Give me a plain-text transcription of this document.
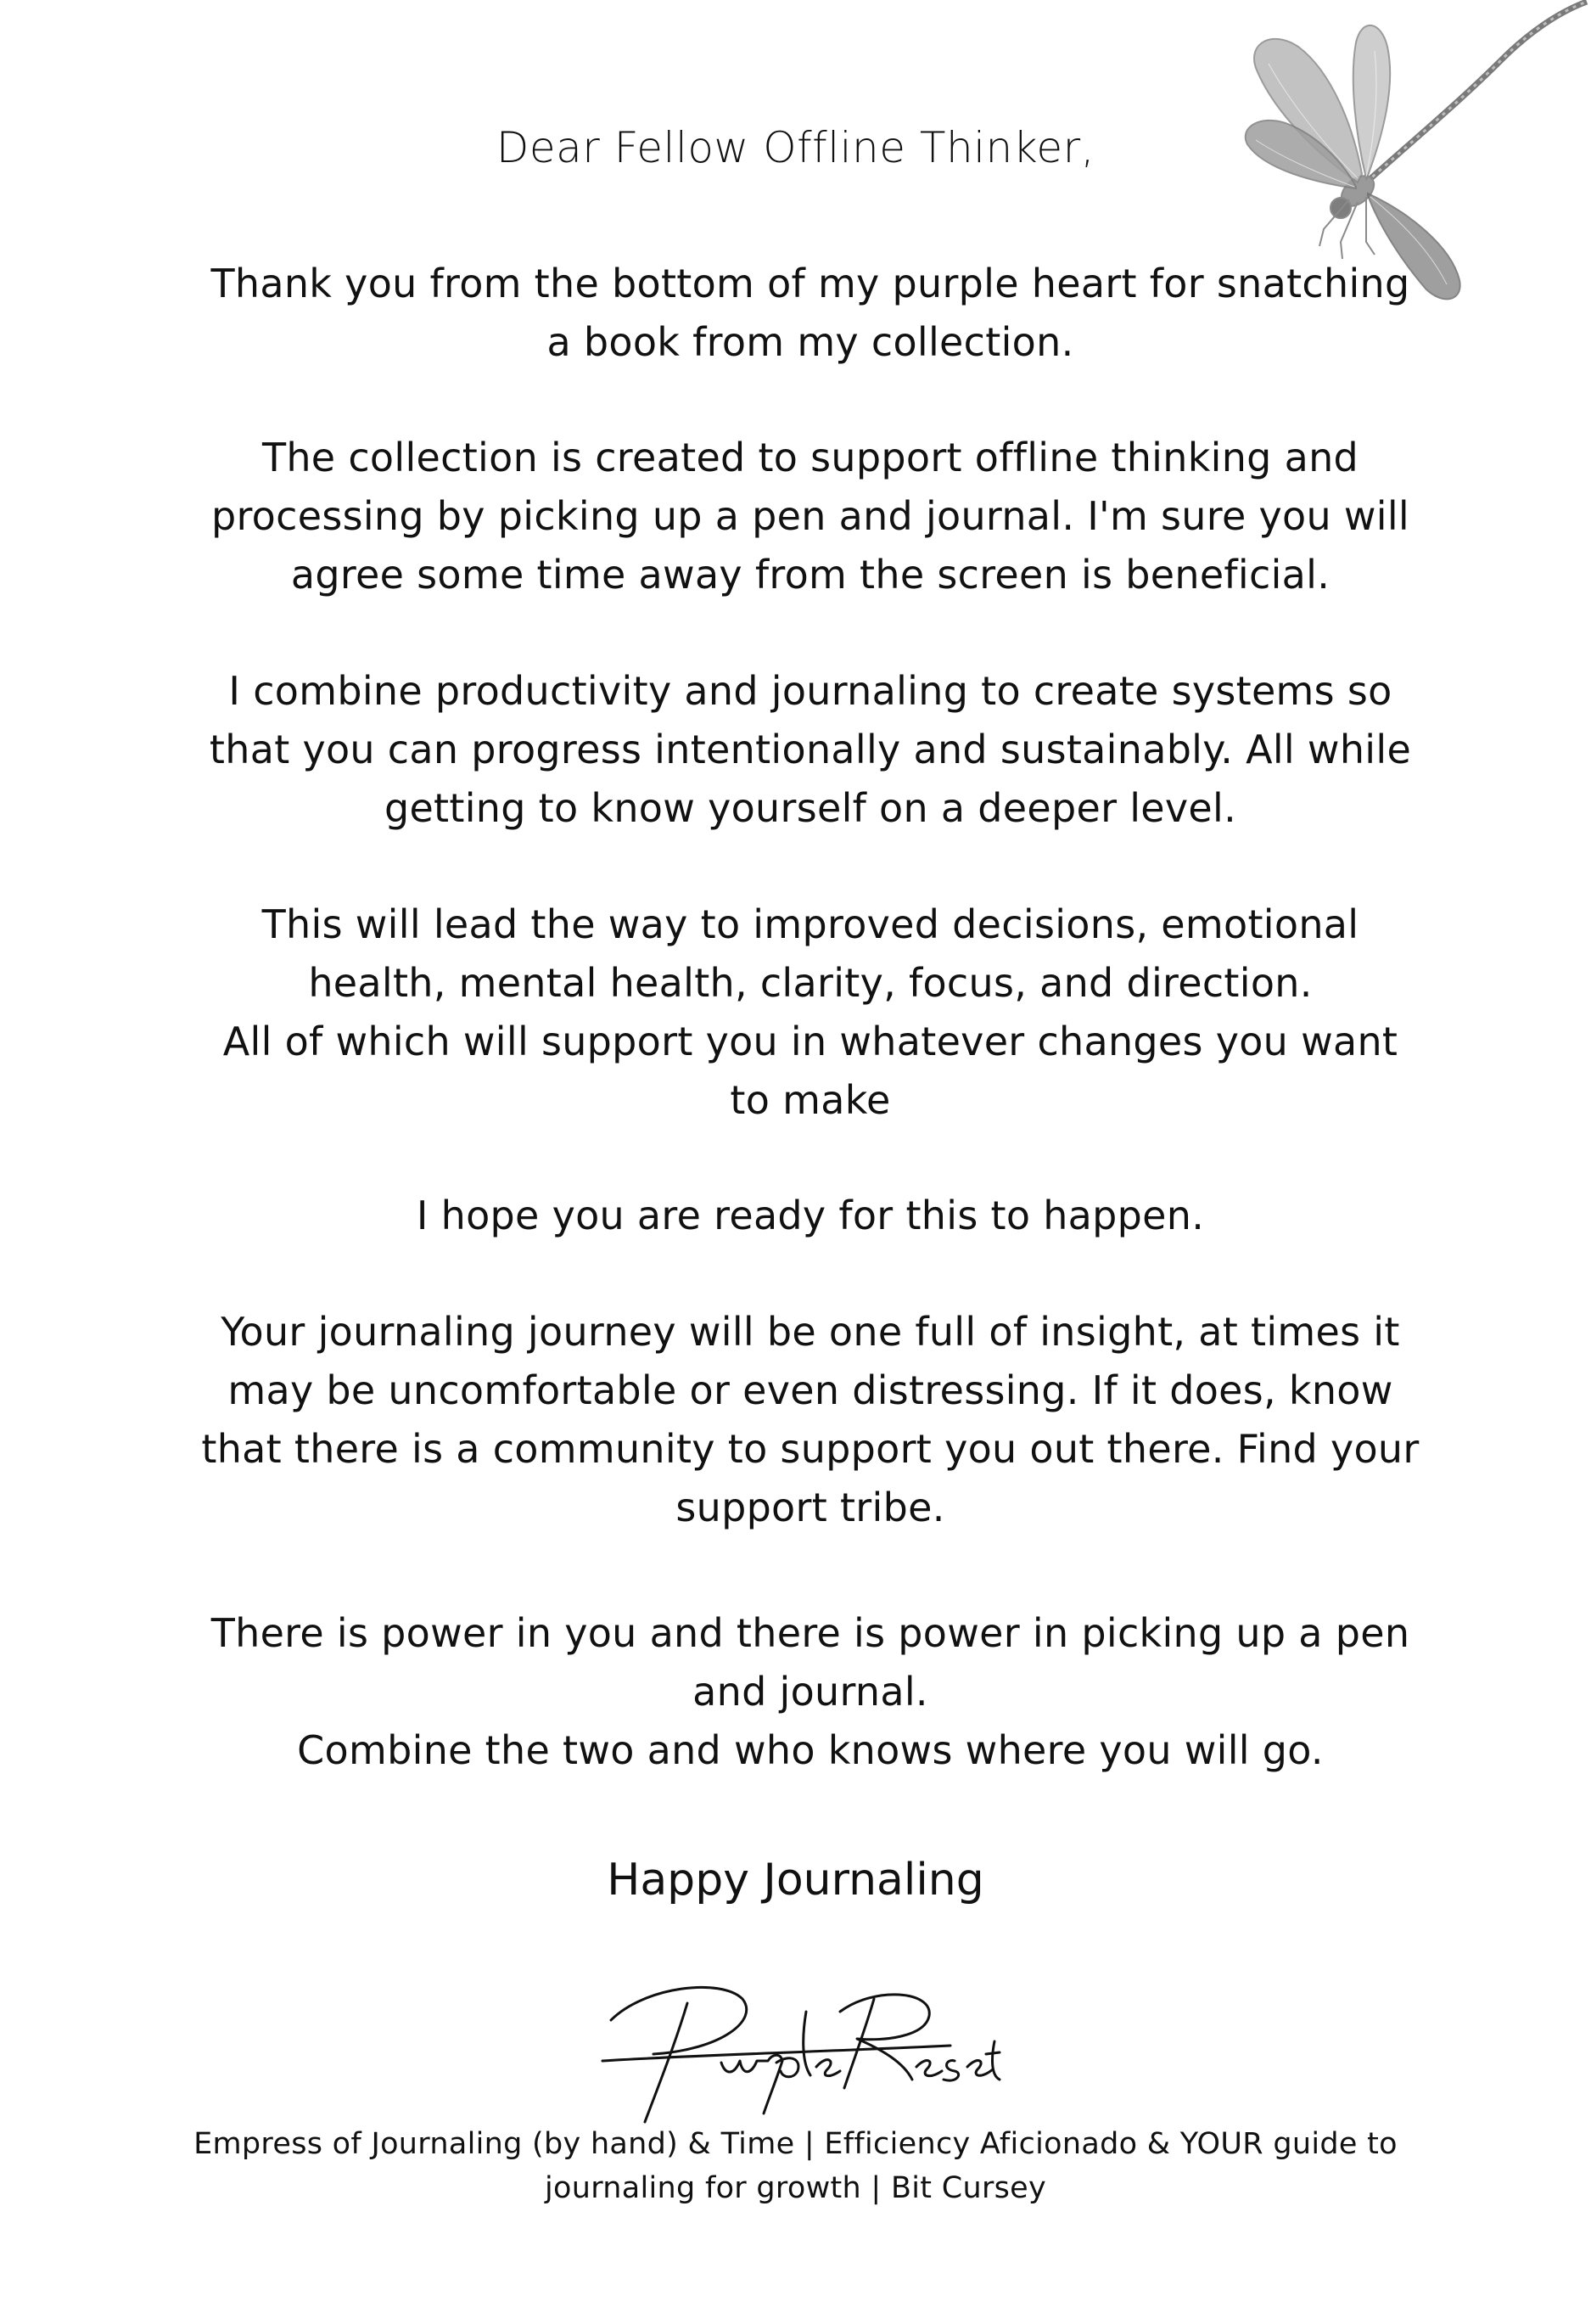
Dear Fellow Offline Thinker,
Thank you from the bottom of my purple heart for snatching
a book from my collection.
The collection is created to support offline thinking and
processing by picking up a pen and journal. I'm sure you will
agree some time away from the screen is beneficial.
I combine productivity and journaling to create systems so
that you can progress intentionally and sustainably. All while
getting to know yourself on a deeper level.
This will lead the way to improved decisions, emotional
health, mental health, clarity, focus, and direction.
All of which will support you in whatever changes you want
to make
I hope you are ready for this to happen.
Your journaling journey will be one full of insight, at times it
may be uncomfortable or even distressing. If it does, know
that there is a community to support you out there. Find your
support tribe.
There is power in you and there is power in picking up a pen
and journal.
Combine the two and who knows where you will go.
Happy Journaling
Empress of Journaling (by hand) & Time | Efficiency Aficionado & YOUR guide to
journaling for growth | Bit Cursey
